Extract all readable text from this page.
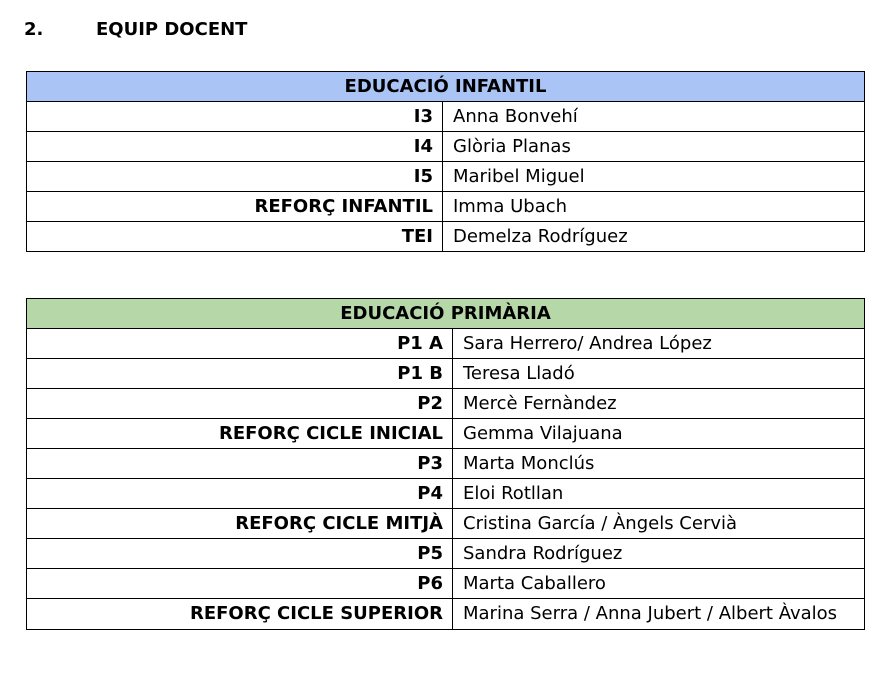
2.	EQUIP DOCENT
EDUCACIÓ INFANTIL	
I3	Anna Bonvehí
I4	Glòria Planas
I5	Maribel Miguel
REFORÇ INFANTIL	Imma Ubach
TEI	Demelza Rodríguez
EDUCACIÓ PRIMÀRIA	
P1 A	Sara Herrero/ Andrea López
P1 B	Teresa Lladó
P2	Mercè Fernàndez
REFORÇ CICLE INICIAL	Gemma Vilajuana
P3	Marta Monclús
P4	Eloi Rotllan
REFORÇ CICLE MITJÀ	Cristina García / Àngels Cervià
P5	Sandra Rodríguez
P6	Marta Caballero
REFORÇ CICLE SUPERIOR	Marina Serra / Anna Jubert / Albert Àvalos
